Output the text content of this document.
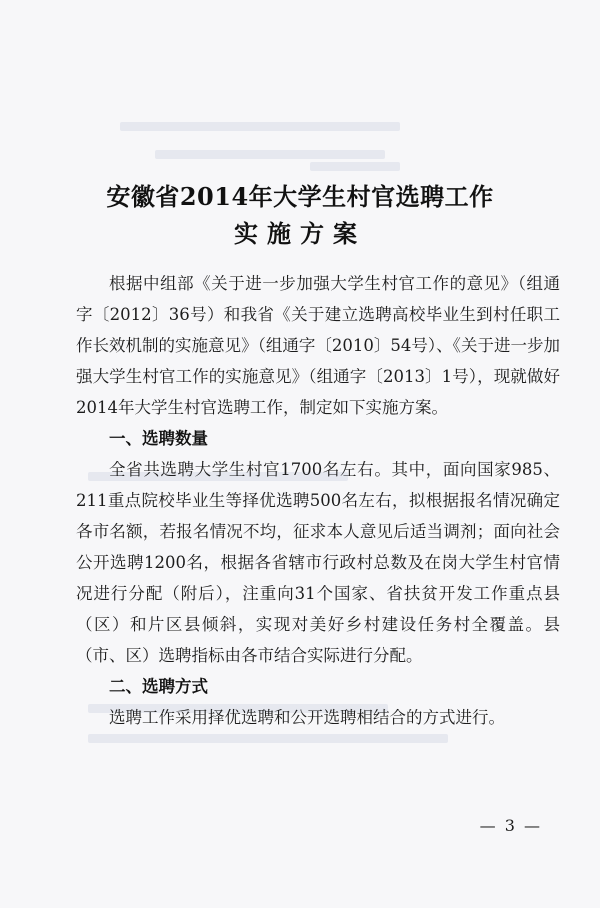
安徽省2014年大学生村官选聘工作
实施方案

根据中组部《关于进一步加强大学生村官工作的意见》（组通字〔2012〕36号）和我省《关于建立选聘高校毕业生到村任职工作长效机制的实施意见》（组通字〔2010〕54号）、《关于进一步加强大学生村官工作的实施意见》（组通字〔2013〕1号），现就做好2014年大学生村官选聘工作，制定如下实施方案。

一、选聘数量

全省共选聘大学生村官1700名左右。其中，面向国家985、211重点院校毕业生等择优选聘500名左右，拟根据报名情况确定各市名额，若报名情况不均，征求本人意见后适当调剂；面向社会公开选聘1200名，根据各省辖市行政村总数及在岗大学生村官情况进行分配（附后），注重向31个国家、省扶贫开发工作重点县（区）和片区县倾斜，实现对美好乡村建设任务村全覆盖。县（市、区）选聘指标由各市结合实际进行分配。

二、选聘方式

选聘工作采用择优选聘和公开选聘相结合的方式进行。

— 3 —
